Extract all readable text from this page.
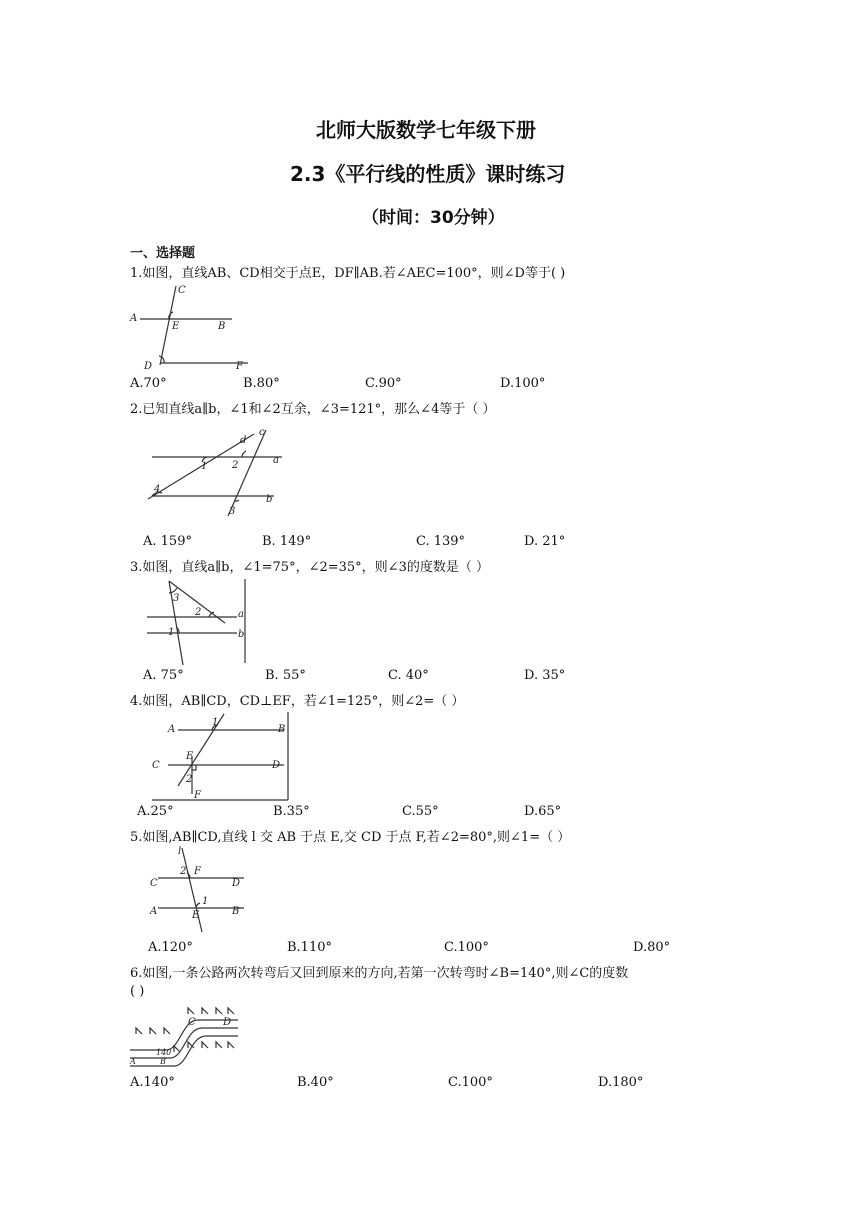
北师大版数学七年级下册
2.3《平行线的性质》课时练习
（时间：30分钟）
一、选择题
1.如图，直线AB、CD相交于点E，DF∥AB.若∠AEC=100°，则∠D等于( )
C
A
E	B
D	F
A.70°	B.80°	C.90°	D.100°
2.已知直线a∥b，∠1和∠2互余，∠3=121°，那么∠4等于（ ）
d
c
a
b
1 2
4
3
A. 159°	B. 149°	C. 139°	D. 21°
3.如图，直线a∥b，∠1=75°，∠2=35°，则∠3的度数是（ ）
3
2	a
b
1
A. 75°	B. 55°	C. 40°	D. 35°
4.如图，AB∥CD，CD⊥EF，若∠1=125°，则∠2=（ ）
A
1
B
E
C	D
2
F
A.25°	B.35°	C.55°	D.65°
5.如图,AB∥CD,直线 l 交 AB 于点 E,交 CD 于点 F,若∠2=80°,则∠1=（ ）
l
2 F
C	D
1
A	E	B
A.120°	B.110°	C.100°	D.80°
6.如图,一条公路两次转弯后又回到原来的方向,若第一次转弯时∠B=140°,则∠C的度数
( )
C	D
140
A	B
A.140°	B.40°	C.100°	D.180°
